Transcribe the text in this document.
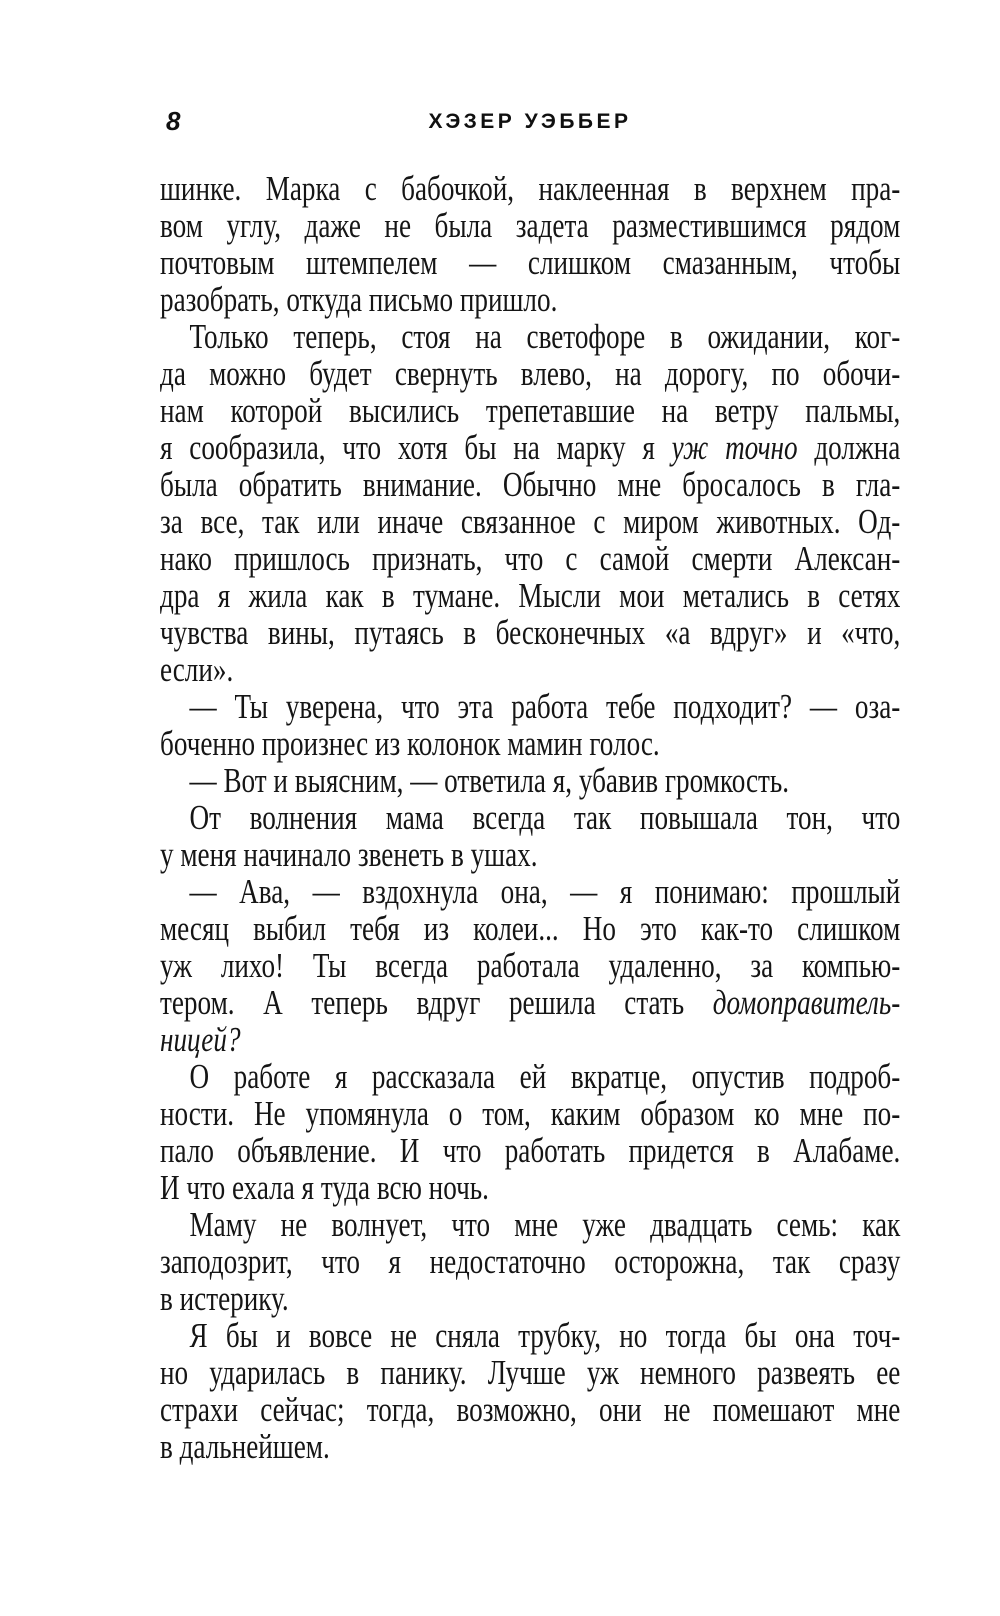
8	ХЭЗЕР УЭББЕР
шинке. Марка с бабочкой, наклеенная в верхнем пра-
вом углу, даже не была задета разместившимся рядом
почтовым штемпелем — слишком смазанным, чтобы
разобрать, откуда письмо пришло.
Только теперь, стоя на светофоре в ожидании, ког-
да можно будет свернуть влево, на дорогу, по обочи-
нам которой высились трепетавшие на ветру пальмы,
я сообразила, что хотя бы на марку я уж точно должна
была обратить внимание. Обычно мне бросалось в гла-
за все, так или иначе связанное с миром животных. Од-
нако пришлось признать, что с самой смерти Алексан-
дра я жила как в тумане. Мысли мои метались в сетях
чувства вины, путаясь в бесконечных «а вдруг» и «что,
если».
— Ты уверена, что эта работа тебе подходит? — оза-
боченно произнес из колонок мамин голос.
— Вот и выясним, — ответила я, убавив громкость.
От волнения мама всегда так повышала тон, что
у меня начинало звенеть в ушах.
— Ава, — вздохнула она, — я понимаю: прошлый
месяц выбил тебя из колеи... Но это как-то слишком
уж лихо! Ты всегда работала удаленно, за компью-
тером. А теперь вдруг решила стать домоправитель-
ницей?
О работе я рассказала ей вкратце, опустив подроб-
ности. Не упомянула о том, каким образом ко мне по-
пало объявление. И что работать придется в Алабаме.
И что ехала я туда всю ночь.
Маму не волнует, что мне уже двадцать семь: как
заподозрит, что я недостаточно осторожна, так сразу
в истерику.
Я бы и вовсе не сняла трубку, но тогда бы она точ-
но ударилась в панику. Лучше уж немного развеять ее
страхи сейчас; тогда, возможно, они не помешают мне
в дальнейшем.
